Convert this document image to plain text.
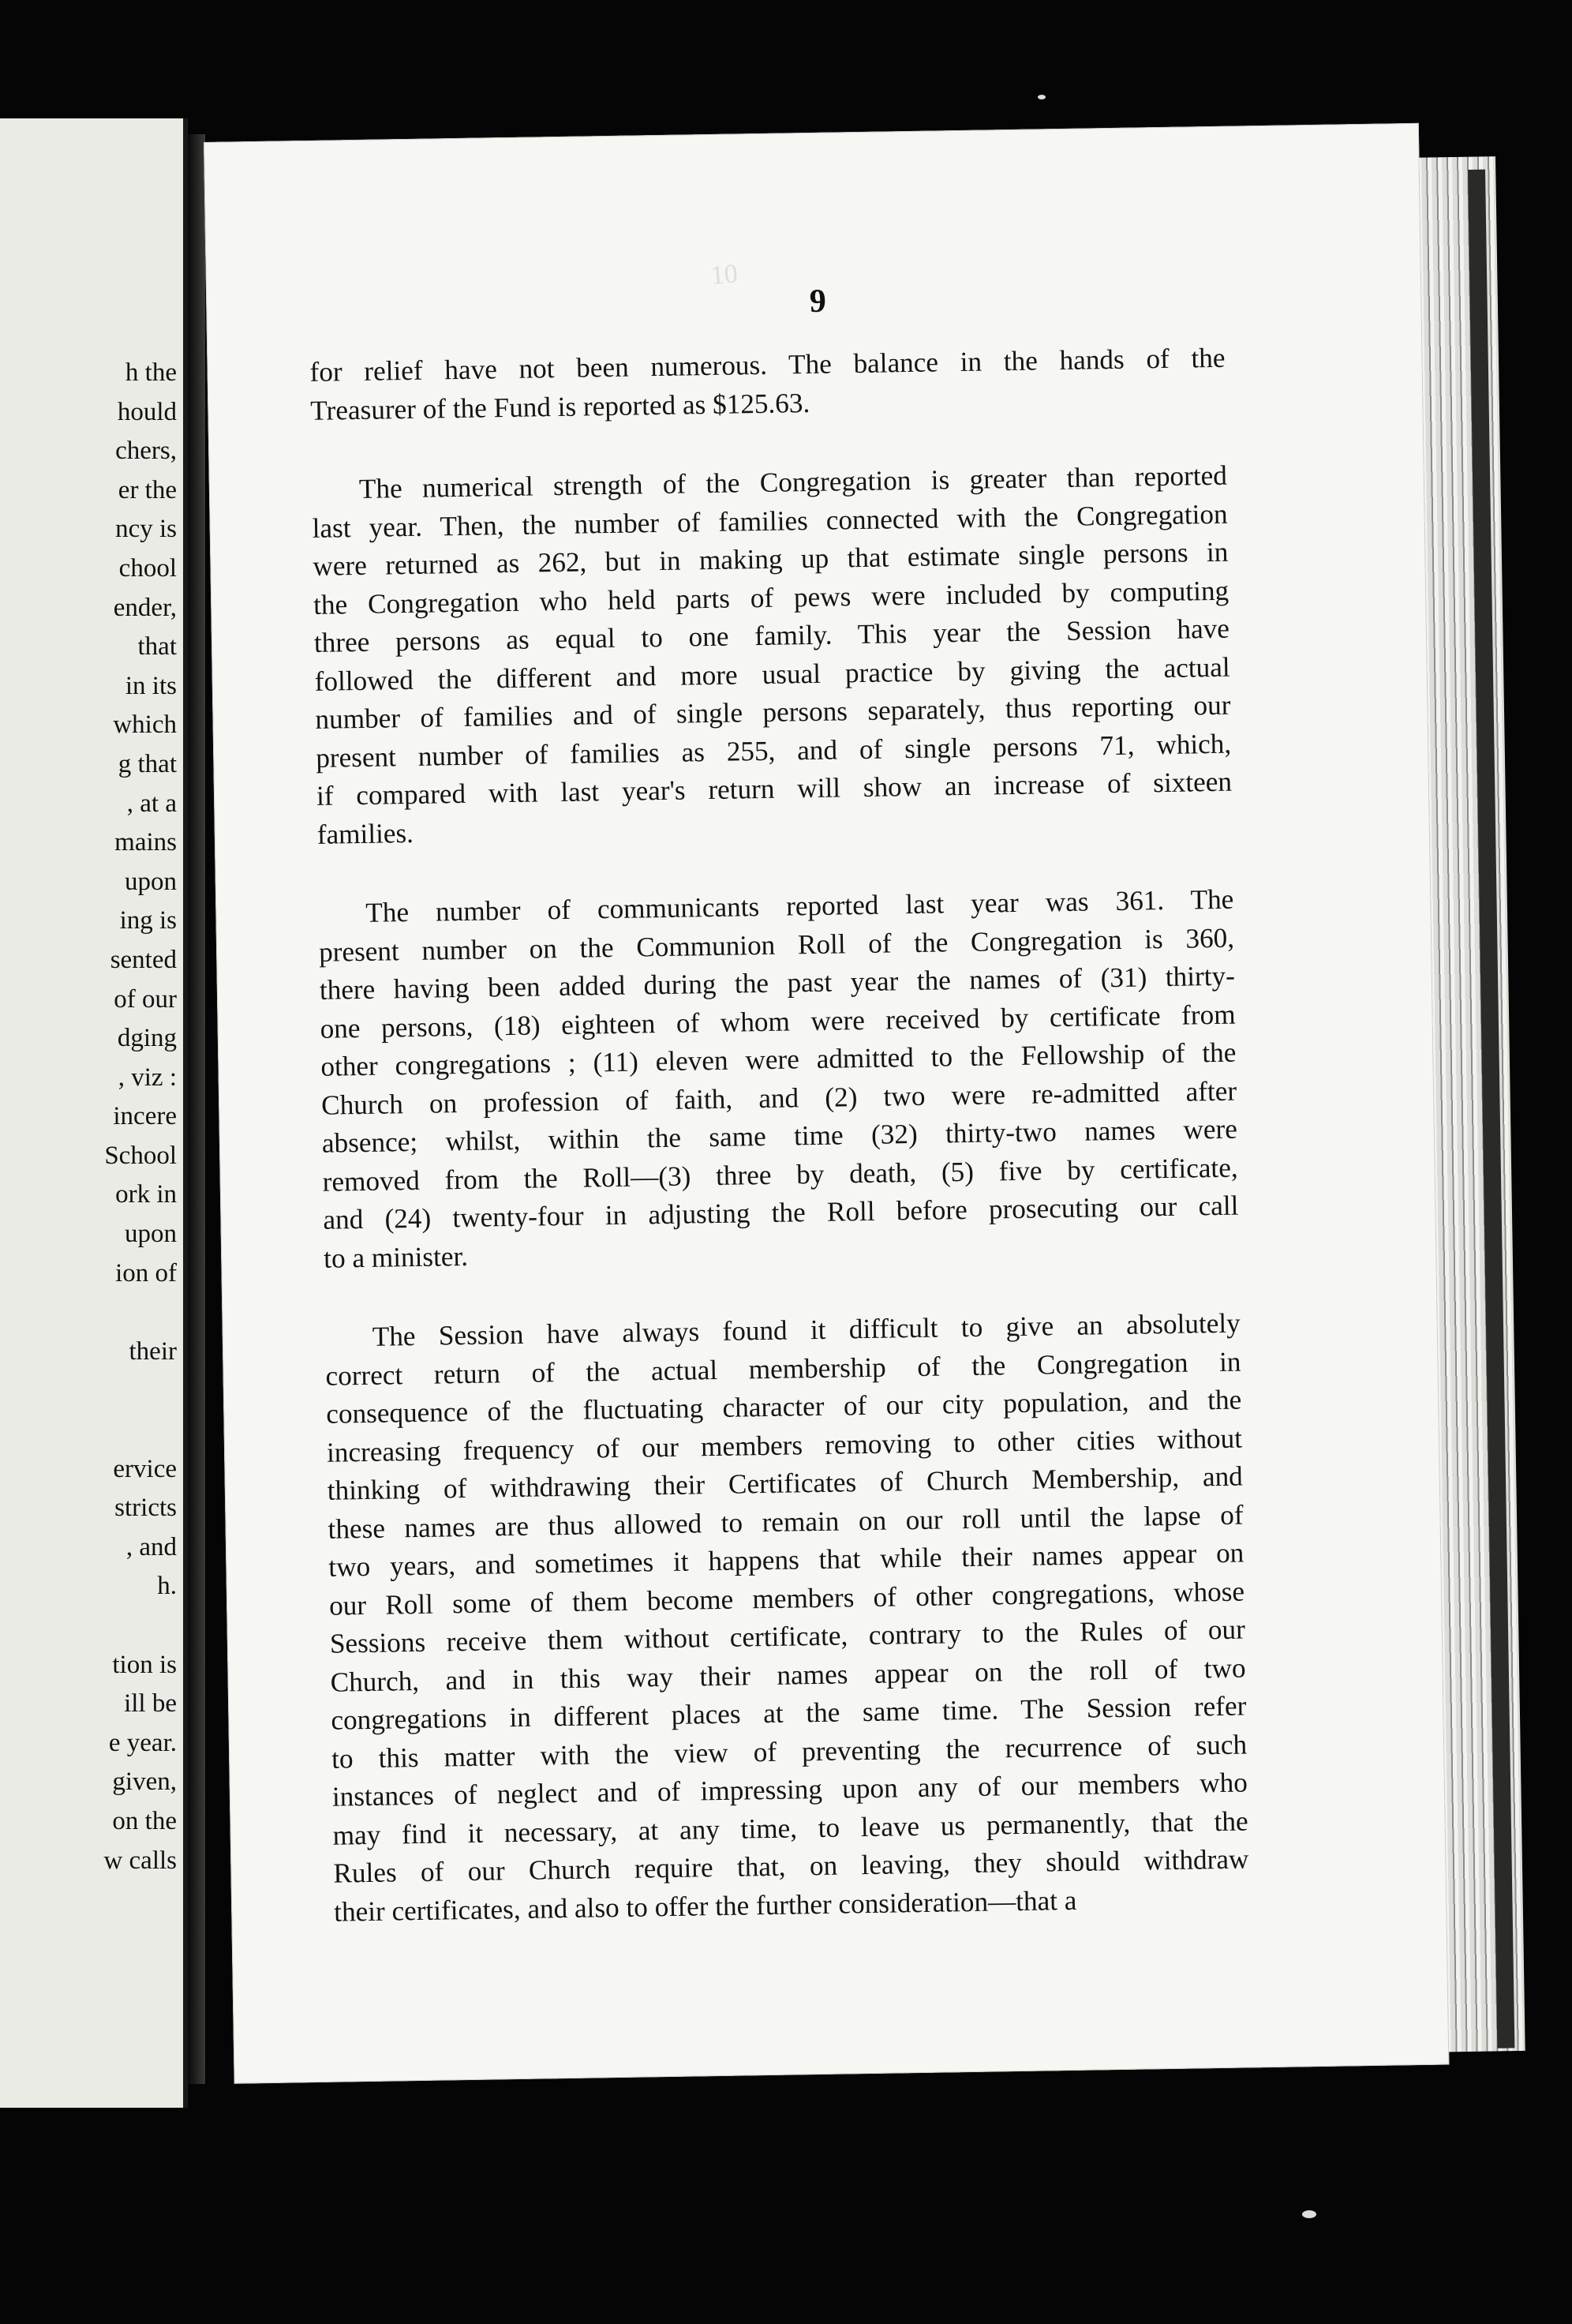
h the
hould
chers,
er the
ncy is
chool
ender,
that
in its
which
g that
, at a
mains
upon
ing is
sented
of our
dging
, viz :
incere
School
ork in
upon
ion of
their
ervice
stricts
, and
h.
tion is
ill be
e year.
given,
on the
w calls
10
9
for relief have not been numerous. The balance in the hands of the
Treasurer of the Fund is reported as $125.63.
The numerical strength of the Congregation is greater than reported
last year. Then, the number of families connected with the Congregation
were returned as 262, but in making up that estimate single persons in
the Congregation who held parts of pews were included by computing
three persons as equal to one family. This year the Session have
followed the different and more usual practice by giving the actual
number of families and of single persons separately, thus reporting our
present number of families as 255, and of single persons 71, which,
if compared with last year's return will show an increase of sixteen
families.
The number of communicants reported last year was 361. The
present number on the Communion Roll of the Congregation is 360,
there having been added during the past year the names of (31) thirty-
one persons, (18) eighteen of whom were received by certificate from
other congregations ; (11) eleven were admitted to the Fellowship of the
Church on profession of faith, and (2) two were re-admitted after
absence; whilst, within the same time (32) thirty-two names were
removed from the Roll—(3) three by death, (5) five by certificate,
and (24) twenty-four in adjusting the Roll before prosecuting our call
to a minister.
The Session have always found it difficult to give an absolutely
correct return of the actual membership of the Congregation in
consequence of the fluctuating character of our city population, and the
increasing frequency of our members removing to other cities without
thinking of withdrawing their Certificates of Church Membership, and
these names are thus allowed to remain on our roll until the lapse of
two years, and sometimes it happens that while their names appear on
our Roll some of them become members of other congregations, whose
Sessions receive them without certificate, contrary to the Rules of our
Church, and in this way their names appear on the roll of two
congregations in different places at the same time. The Session refer
to this matter with the view of preventing the recurrence of such
instances of neglect and of impressing upon any of our members who
may find it necessary, at any time, to leave us permanently, that the
Rules of our Church require that, on leaving, they should withdraw
their certificates, and also to offer the further consideration—that a
